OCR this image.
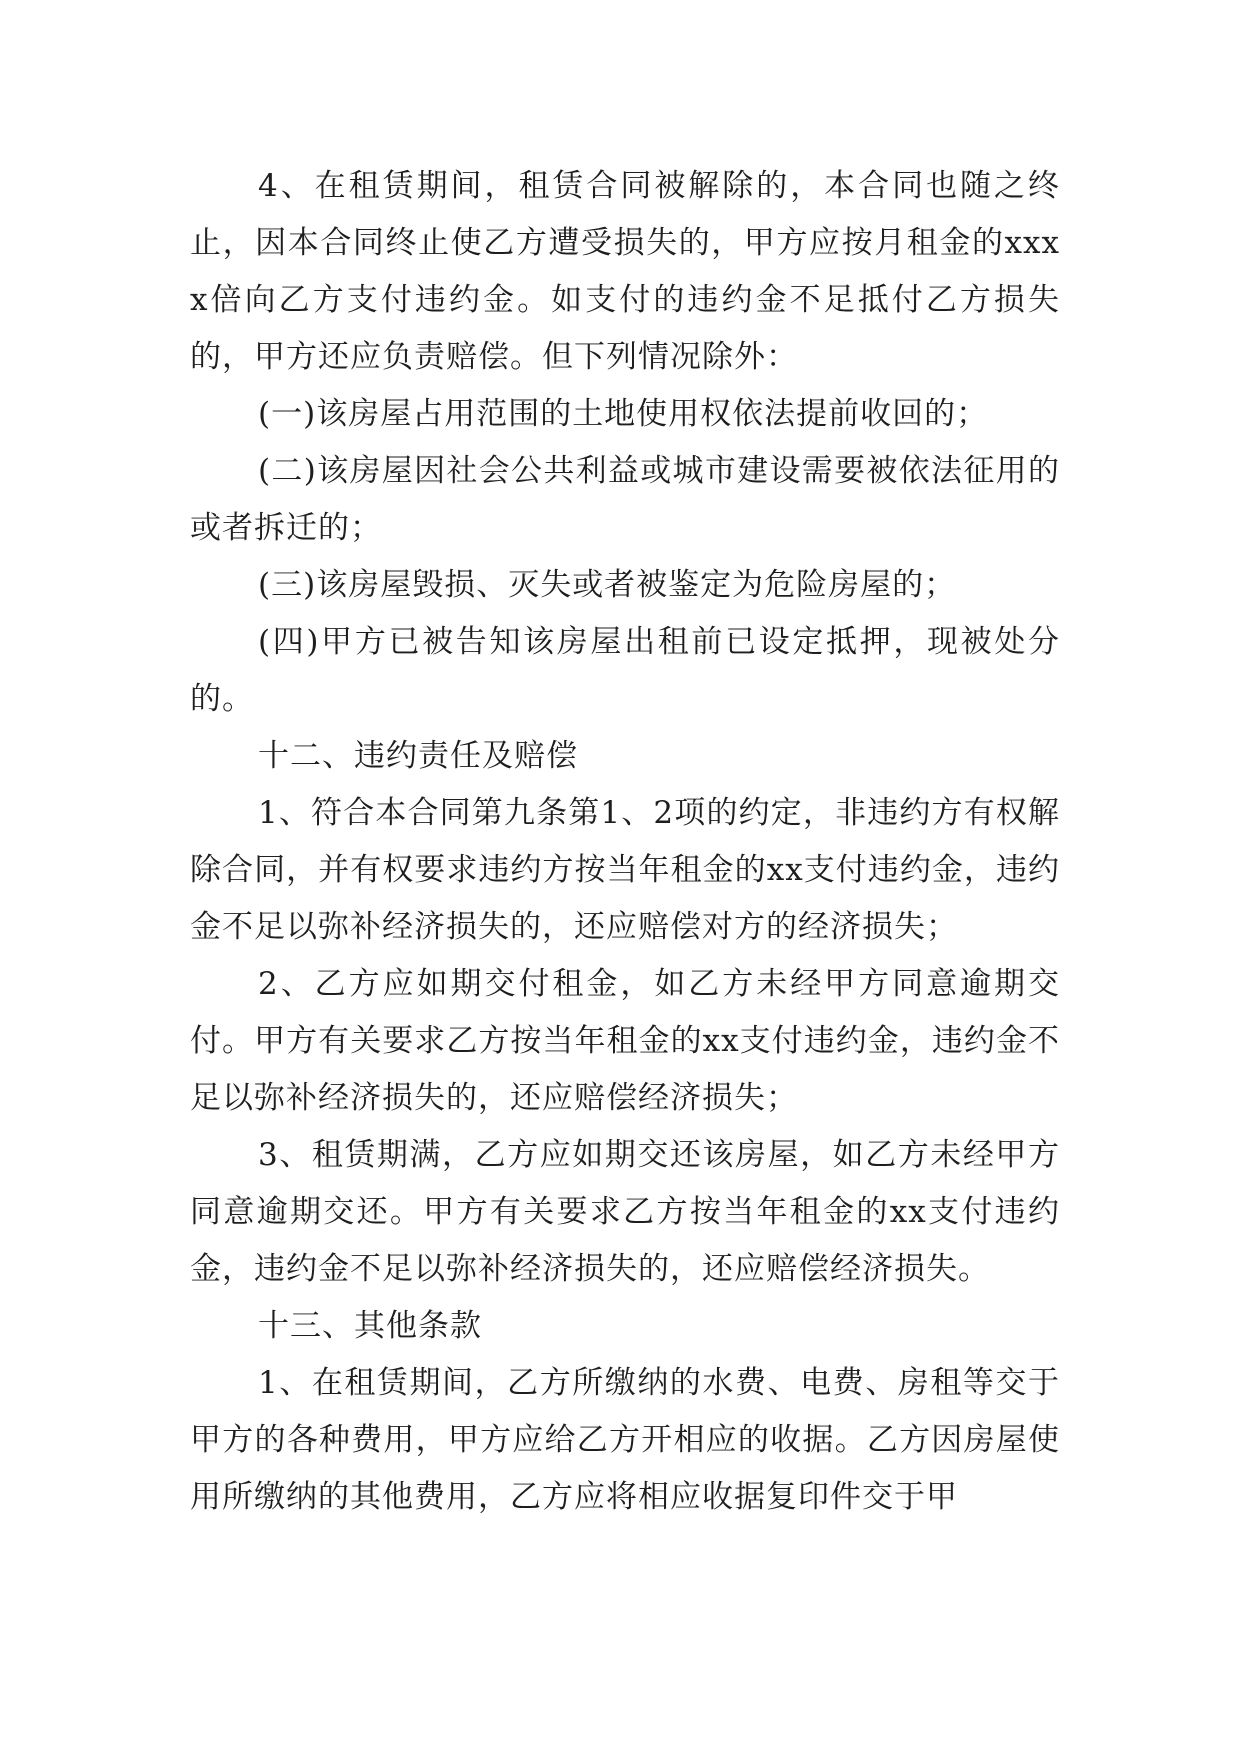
4、在租赁期间，租赁合同被解除的，本合同也随之终止，因本合同终止使乙方遭受损失的，甲方应按月租金的xxxx倍向乙方支付违约金。如支付的违约金不足抵付乙方损失的，甲方还应负责赔偿。但下列情况除外：

(一)该房屋占用范围的土地使用权依法提前收回的；

(二)该房屋因社会公共利益或城市建设需要被依法征用的或者拆迁的；

(三)该房屋毁损、灭失或者被鉴定为危险房屋的；

(四)甲方已被告知该房屋出租前已设定抵押，现被处分的。

十二、违约责任及赔偿

1、符合本合同第九条第1、2项的约定，非违约方有权解除合同，并有权要求违约方按当年租金的xx支付违约金，违约金不足以弥补经济损失的，还应赔偿对方的经济损失；

2、乙方应如期交付租金，如乙方未经甲方同意逾期交付。甲方有关要求乙方按当年租金的xx支付违约金，违约金不足以弥补经济损失的，还应赔偿经济损失；

3、租赁期满，乙方应如期交还该房屋，如乙方未经甲方同意逾期交还。甲方有关要求乙方按当年租金的xx支付违约金，违约金不足以弥补经济损失的，还应赔偿经济损失。

十三、其他条款

1、在租赁期间，乙方所缴纳的水费、电费、房租等交于甲方的各种费用，甲方应给乙方开相应的收据。乙方因房屋使用所缴纳的其他费用，乙方应将相应收据复印件交于甲
